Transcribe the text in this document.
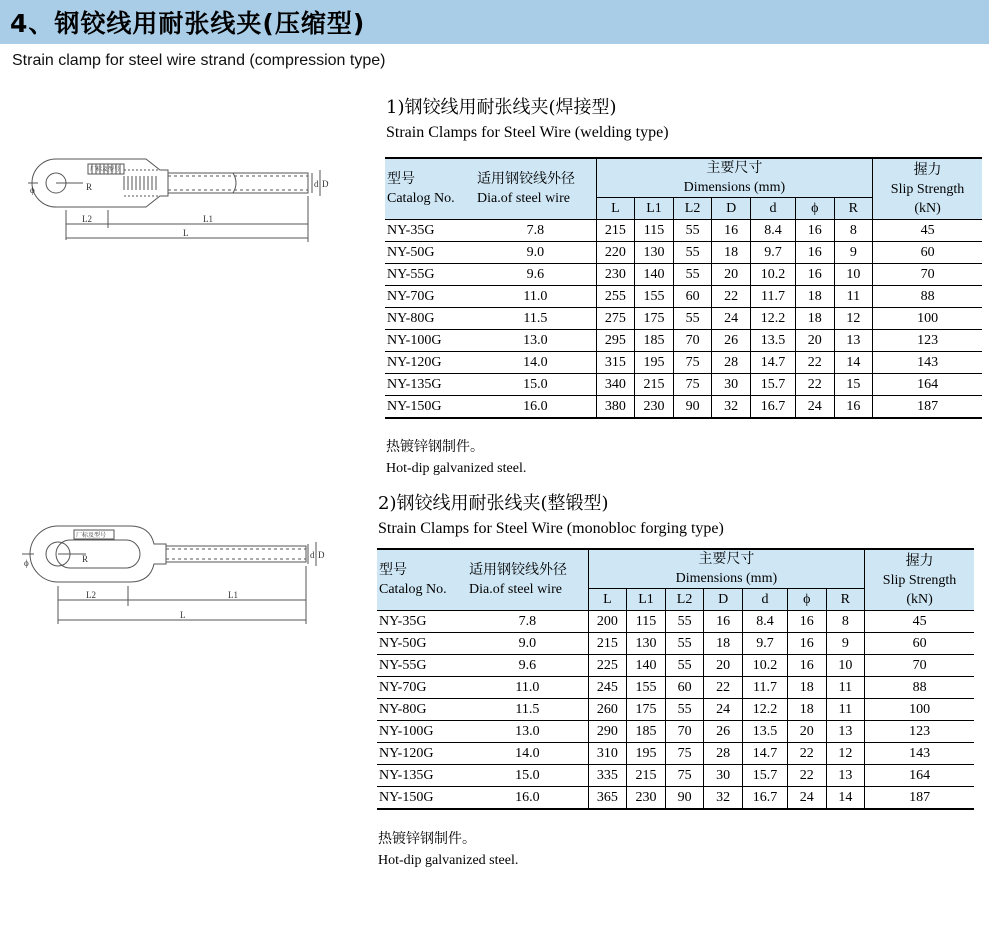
4、钢铰线用耐张线夹(压缩型)
Strain clamp for steel wire strand (compression type)
1)钢铰线用耐张线夹(焊接型)
Strain Clamps for Steel Wire (welding type)
厂标及型号
ϕ	R
L2	L1
L
d D	型号
Catalog No.	适用钢铰线外径
Dia.of steel wire	主要尺寸
Dimensions (mm)							握力
Slip Strength
(kN)
		L	L1	L2	D	d	ϕ	R	
NY-35G	7.8	215	115	55	16	8.4	16	8	45
NY-50G	9.0	220	130	55	18	9.7	16	9	60
NY-55G	9.6	230	140	55	20	10.2	16	10	70
NY-70G	11.0	255	155	60	22	11.7	18	11	88
NY-80G	11.5	275	175	55	24	12.2	18	12	100
NY-100G	13.0	295	185	70	26	13.5	20	13	123
NY-120G	14.0	315	195	75	28	14.7	22	14	143
NY-135G	15.0	340	215	75	30	15.7	22	15	164
NY-150G	16.0	380	230	90	32	16.7	24	16	187
热镀锌钢制件。
Hot-dip galvanized steel.
2)钢铰线用耐张线夹(整锻型)
Strain Clamps for Steel Wire (monobloc forging type)
厂标及型号
ϕ	R
L2	L1
L
d D
型号
Catalog No.	适用钢铰线外径
Dia.of steel wire	主要尺寸
Dimensions (mm)							握力
Slip Strength
(kN)
		L	L1	L2	D	d	ϕ	R	
NY-35G	7.8	200	115	55	16	8.4	16	8	45
NY-50G	9.0	215	130	55	18	9.7	16	9	60
NY-55G	9.6	225	140	55	20	10.2	16	10	70
NY-70G	11.0	245	155	60	22	11.7	18	11	88
NY-80G	11.5	260	175	55	24	12.2	18	11	100
NY-100G	13.0	290	185	70	26	13.5	20	13	123
NY-120G	14.0	310	195	75	28	14.7	22	12	143
NY-135G	15.0	335	215	75	30	15.7	22	13	164
NY-150G	16.0	365	230	90	32	16.7	24	14	187
热镀锌钢制件。
Hot-dip galvanized steel.
